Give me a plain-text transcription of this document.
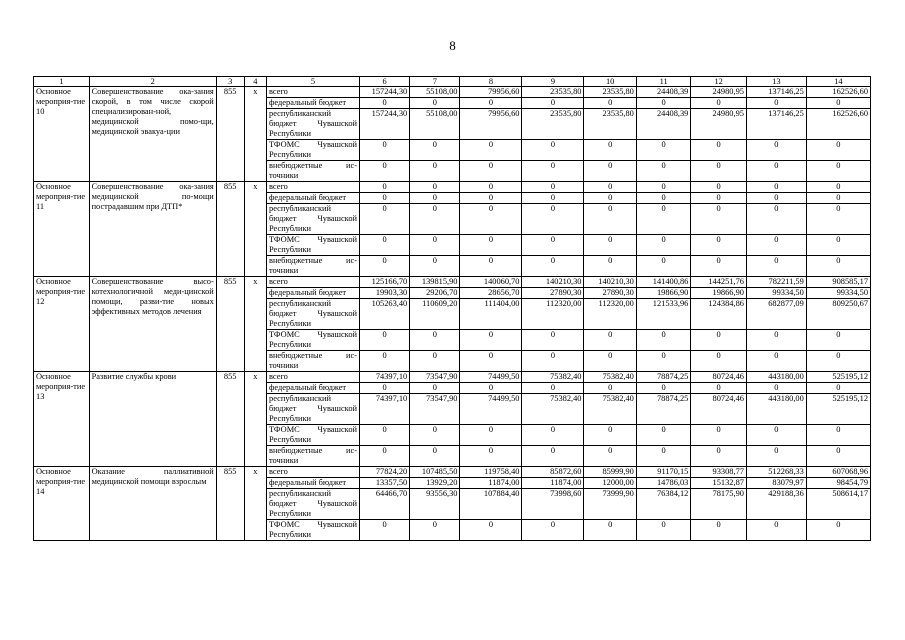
8
1	2	3	4	5	6	7	8	9	10	11	12	13	14
Основное мероприя-тие 10	Совершенствование ока-зания скорой, в том числе скорой специализирован-ной, медицинской помо-щи, медицинской эвакуа-ции	855	x	всего	157244,30	55108,00	79956,60	23535,80	23535,80	24408,39	24980,95	137146,25	162526,60
				федеральный бюджет	0	0	0	0	0	0	0	0	0
				республиканский бюджет Чувашской Республики	157244,30	55108,00	79956,60	23535,80	23535,80	24408,39	24980,95	137146,25	162526,60
				ТФОМС Чувашской Республики	0	0	0	0	0	0	0	0	0
				внебюджетные ис-точники	0	0	0	0	0	0	0	0	0
Основное мероприя-тие 11	Совершенствование ока-зания медицинской по-мощи пострадавшим при ДТП*	855	x	всего	0	0	0	0	0	0	0	0	0
				федеральный бюджет	0	0	0	0	0	0	0	0	0
				республиканский бюджет Чувашской Республики	0	0	0	0	0	0	0	0	0
				ТФОМС Чувашской Республики	0	0	0	0	0	0	0	0	0
				внебюджетные ис-точники	0	0	0	0	0	0	0	0	0
Основное мероприя-тие 12	Совершенствование высо-котехнологичной меди-цинской помощи, разви-тие новых эффективных методов лечения	855	x	всего	125166,70	139815,90	140060,70	140210,30	140210,30	141400,86	144251,76	782211,59	908585,17
				федеральный бюджет	19903,30	29206,70	28656,70	27890,30	27890,30	19866,90	19866,90	99334,50	99334,50
				республиканский бюджет Чувашской Республики	105263,40	110609,20	111404,00	112320,00	112320,00	121533,96	124384,86	682877,09	809250,67
				ТФОМС Чувашской Республики	0	0	0	0	0	0	0	0	0
				внебюджетные ис-точники	0	0	0	0	0	0	0	0	0
Основное мероприя-тие 13	Развитие службы крови	855	x	всего	74397,10	73547,90	74499,50	75382,40	75382,40	78874,25	80724,46	443180,00	525195,12
				федеральный бюджет	0	0	0	0	0	0	0	0	0
				республиканский бюджет Чувашской Республики	74397,10	73547,90	74499,50	75382,40	75382,40	78874,25	80724,46	443180,00	525195,12
				ТФОМС Чувашской Республики	0	0	0	0	0	0	0	0	0
				внебюджетные ис-точники	0	0	0	0	0	0	0	0	0
Основное мероприя-тие 14	Оказание паллиативной медицинской помощи взрослым	855	x	всего	77824,20	107485,50	119758,40	85872,60	85999,90	91170,15	93308,77	512268,33	607068,96
				федеральный бюджет	13357,50	13929,20	11874,00	11874,00	12000,00	14786,03	15132,87	83079,97	98454,79
				республиканский бюджет Чувашской Республики	64466,70	93556,30	107884,40	73998,60	73999,90	76384,12	78175,90	429188,36	508614,17
				ТФОМС Чувашской Республики	0	0	0	0	0	0	0	0	0
